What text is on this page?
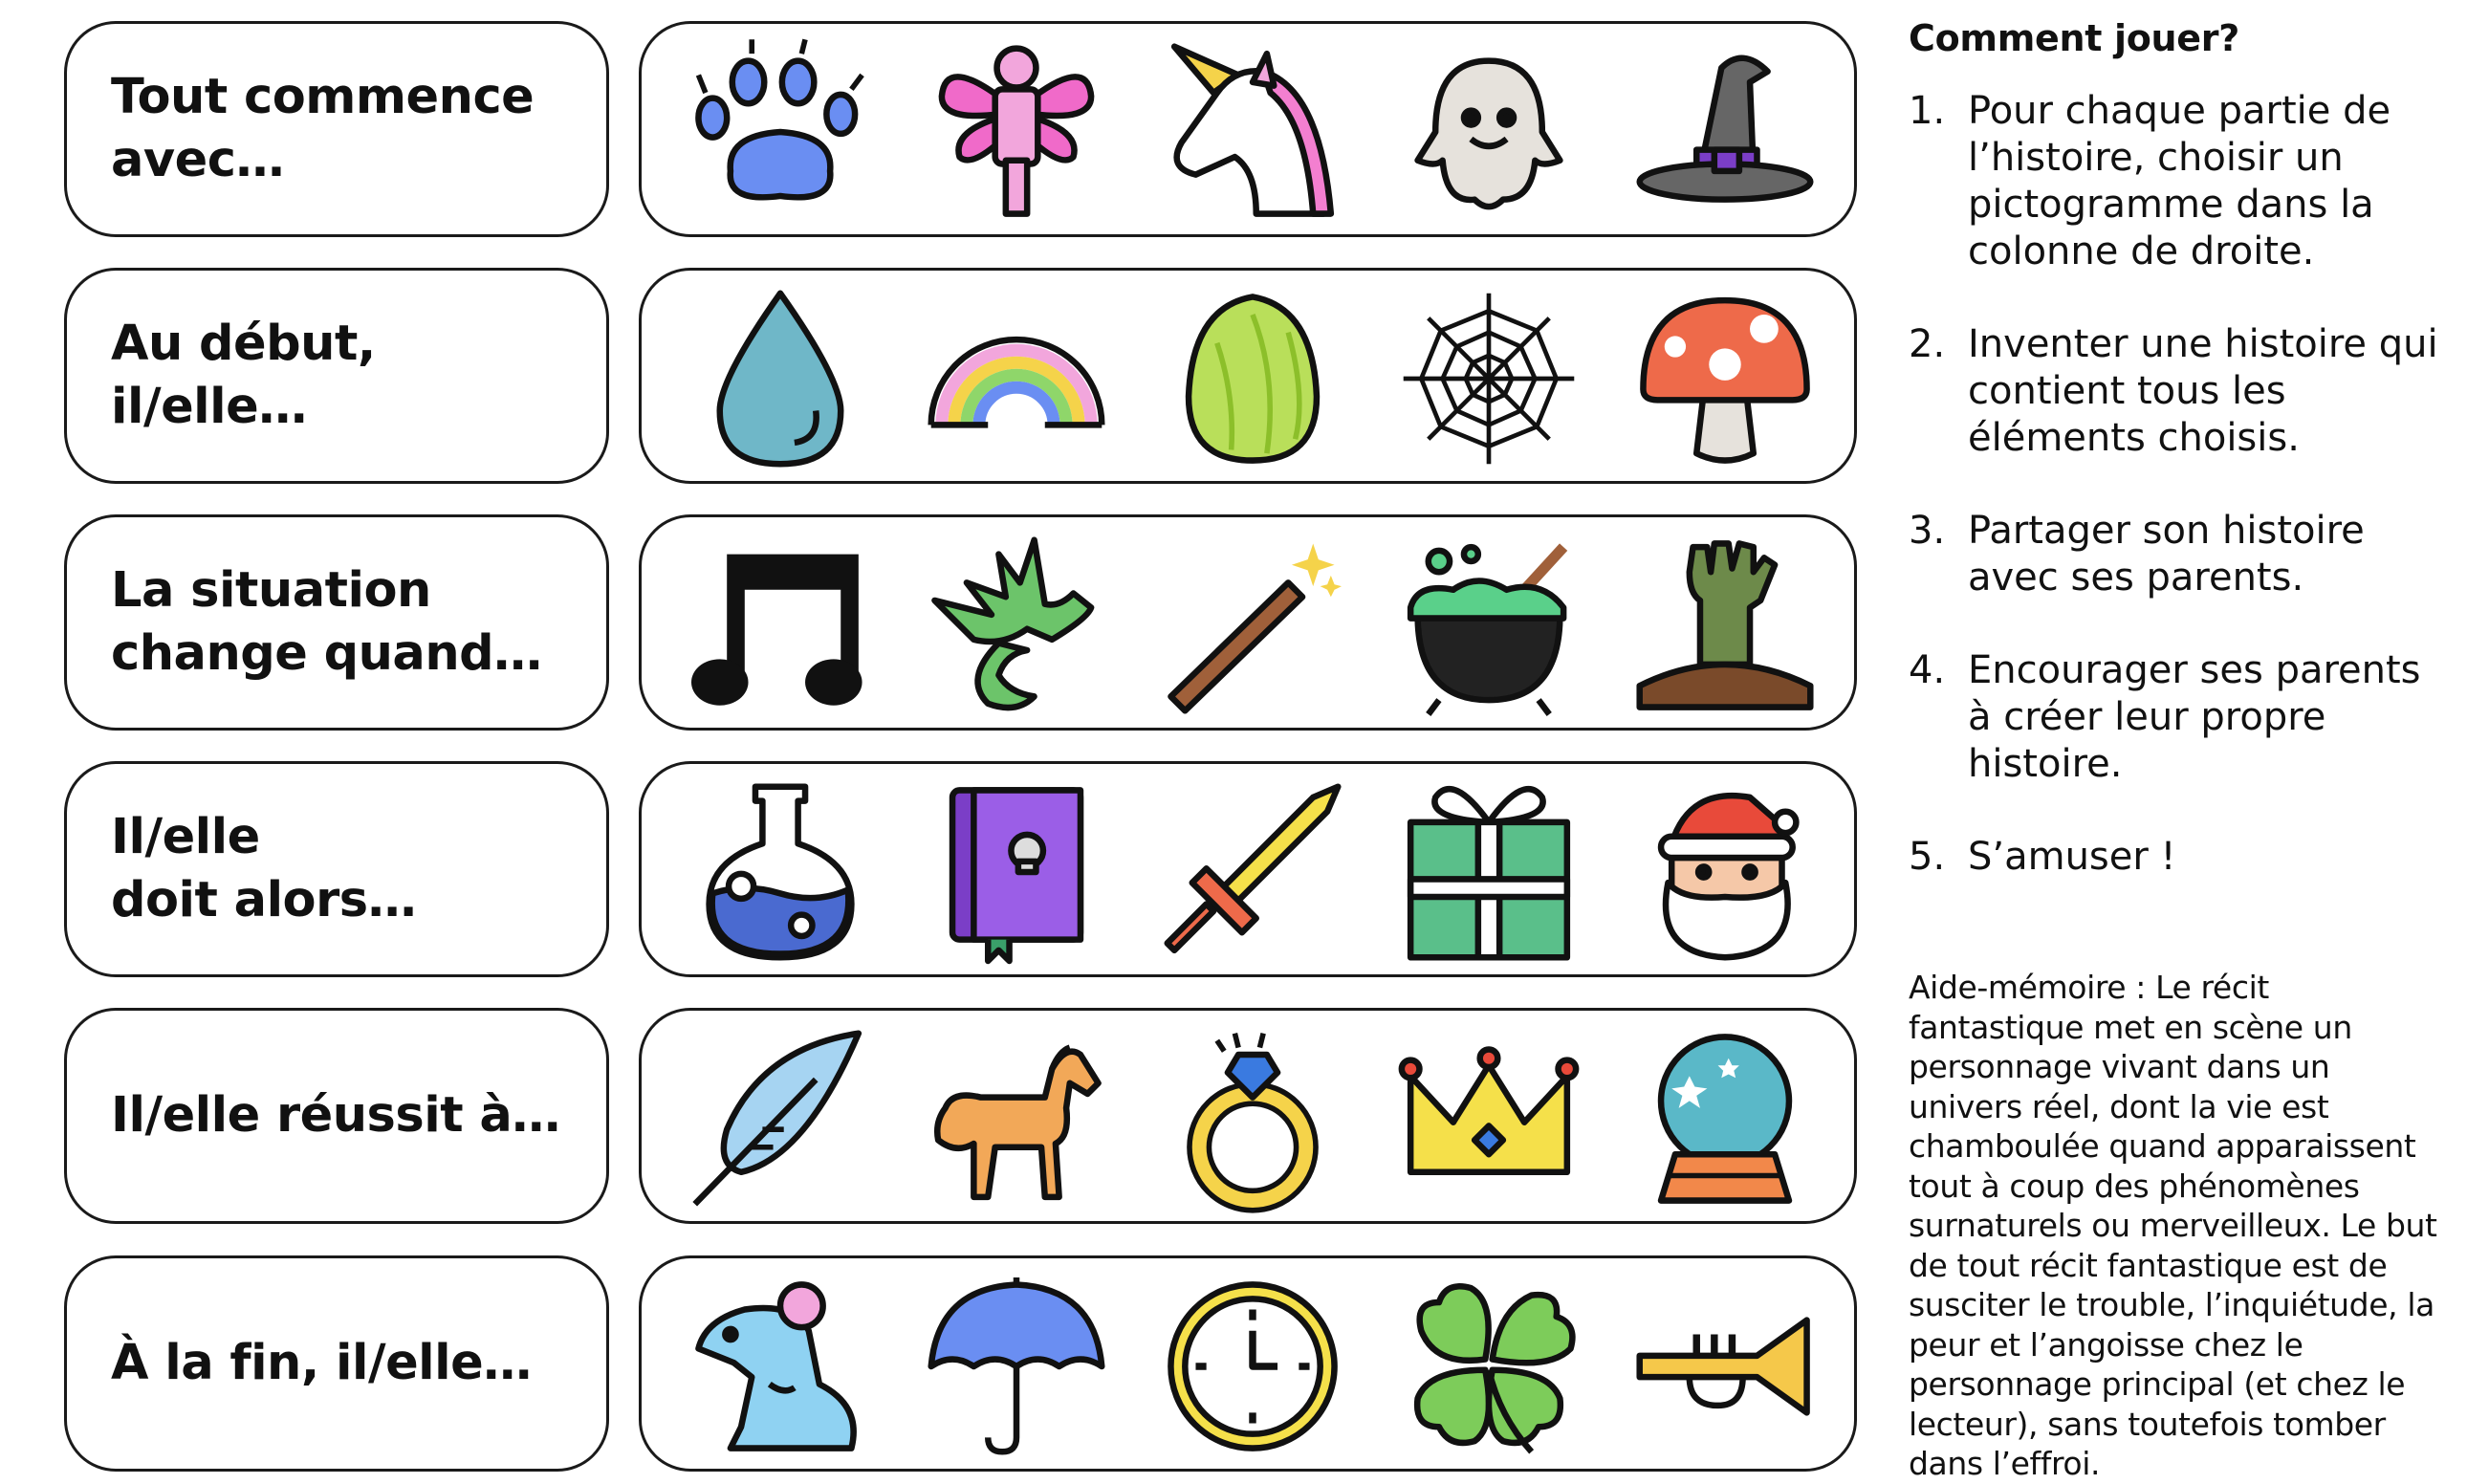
Tout commence
avec…
Au début,
il/elle…
La situation
change quand…
Il/elle
doit alors…
Il/elle réussit à…
À la fin, il/elle…
Comment jouer?
1. Pour chaque partie de l’histoire, choisir un pictogramme dans la colonne de droite.
2. Inventer une histoire qui contient tous les éléments choisis.
3. Partager son histoire avec ses parents.
4. Encourager ses parents à créer leur propre histoire.
5. S’amuser !
Aide-mémoire : Le récit fantastique met en scène un personnage vivant dans un univers réel, dont la vie est chamboulée quand apparaissent tout à coup des phénomènes surnaturels ou merveilleux. Le but de tout récit fantastique est de susciter le trouble, l’inquiétude, la peur et l’angoisse chez le personnage principal (et chez le lecteur), sans toutefois tomber dans l’effroi.
